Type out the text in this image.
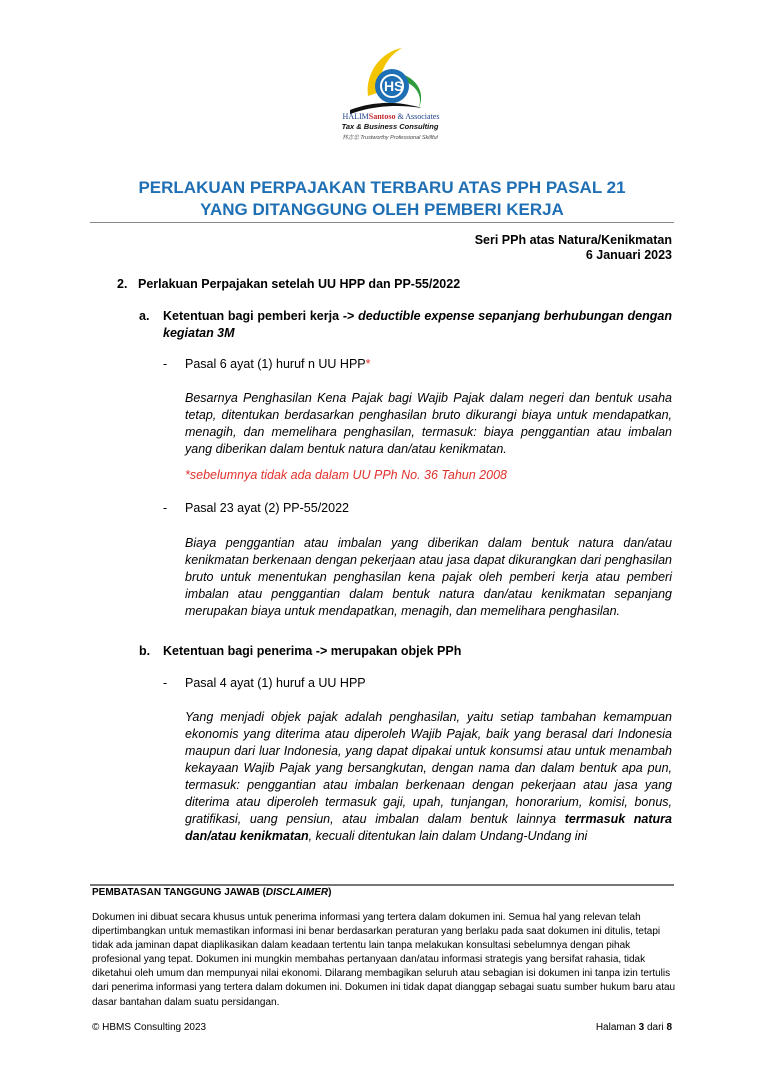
HS
HALIMSantoso & Associates
Tax & Business Consulting
林志忠 Trustworthy Professional Skillful
PERLAKUAN PERPAJAKAN TERBARU ATAS PPH PASAL 21
YANG DITANGGUNG OLEH PEMBERI KERJA
Seri PPh atas Natura/Kenikmatan
6 Januari 2023
2. Perlakuan Perpajakan setelah UU HPP dan PP-55/2022
a. Ketentuan bagi pemberi kerja -> deductible expense sepanjang berhubungan dengan kegiatan 3M
- Pasal 6 ayat (1) huruf n UU HPP*
Besarnya Penghasilan Kena Pajak bagi Wajib Pajak dalam negeri dan bentuk usaha tetap, ditentukan berdasarkan penghasilan bruto dikurangi biaya untuk mendapatkan, menagih, dan memelihara penghasilan, termasuk: biaya penggantian atau imbalan yang diberikan dalam bentuk natura dan/atau kenikmatan.
*sebelumnya tidak ada dalam UU PPh No. 36 Tahun 2008
- Pasal 23 ayat (2) PP-55/2022
Biaya penggantian atau imbalan yang diberikan dalam bentuk natura dan/atau kenikmatan berkenaan dengan pekerjaan atau jasa dapat dikurangkan dari penghasilan bruto untuk menentukan penghasilan kena pajak oleh pemberi kerja atau pemberi imbalan atau penggantian dalam bentuk natura dan/atau kenikmatan sepanjang merupakan biaya untuk mendapatkan, menagih, dan memelihara penghasilan.
b. Ketentuan bagi penerima -> merupakan objek PPh
- Pasal 4 ayat (1) huruf a UU HPP
Yang menjadi objek pajak adalah penghasilan, yaitu setiap tambahan kemampuan ekonomis yang diterima atau diperoleh Wajib Pajak, baik yang berasal dari Indonesia maupun dari luar Indonesia, yang dapat dipakai untuk konsumsi atau untuk menambah kekayaan Wajib Pajak yang bersangkutan, dengan nama dan dalam bentuk apa pun, termasuk: penggantian atau imbalan berkenaan dengan pekerjaan atau jasa yang diterima atau diperoleh termasuk gaji, upah, tunjangan, honorarium, komisi, bonus, gratifikasi, uang pensiun, atau imbalan dalam bentuk lainnya terrmasuk natura dan/atau kenikmatan, kecuali ditentukan lain dalam Undang-Undang ini
PEMBATASAN TANGGUNG JAWAB (DISCLAIMER)
Dokumen ini dibuat secara khusus untuk penerima informasi yang tertera dalam dokumen ini. Semua hal yang relevan telah dipertimbangkan untuk memastikan informasi ini benar berdasarkan peraturan yang berlaku pada saat dokumen ini ditulis, tetapi tidak ada jaminan dapat diaplikasikan dalam keadaan tertentu lain tanpa melakukan konsultasi sebelumnya dengan pihak profesional yang tepat. Dokumen ini mungkin membahas pertanyaan dan/atau informasi strategis yang bersifat rahasia, tidak diketahui oleh umum dan mempunyai nilai ekonomi. Dilarang membagikan seluruh atau sebagian isi dokumen ini tanpa izin tertulis dari penerima informasi yang tertera dalam dokumen ini. Dokumen ini tidak dapat dianggap sebagai suatu sumber hukum baru atau dasar bantahan dalam suatu persidangan.
© HBMS Consulting 2023	Halaman 3 dari 8
